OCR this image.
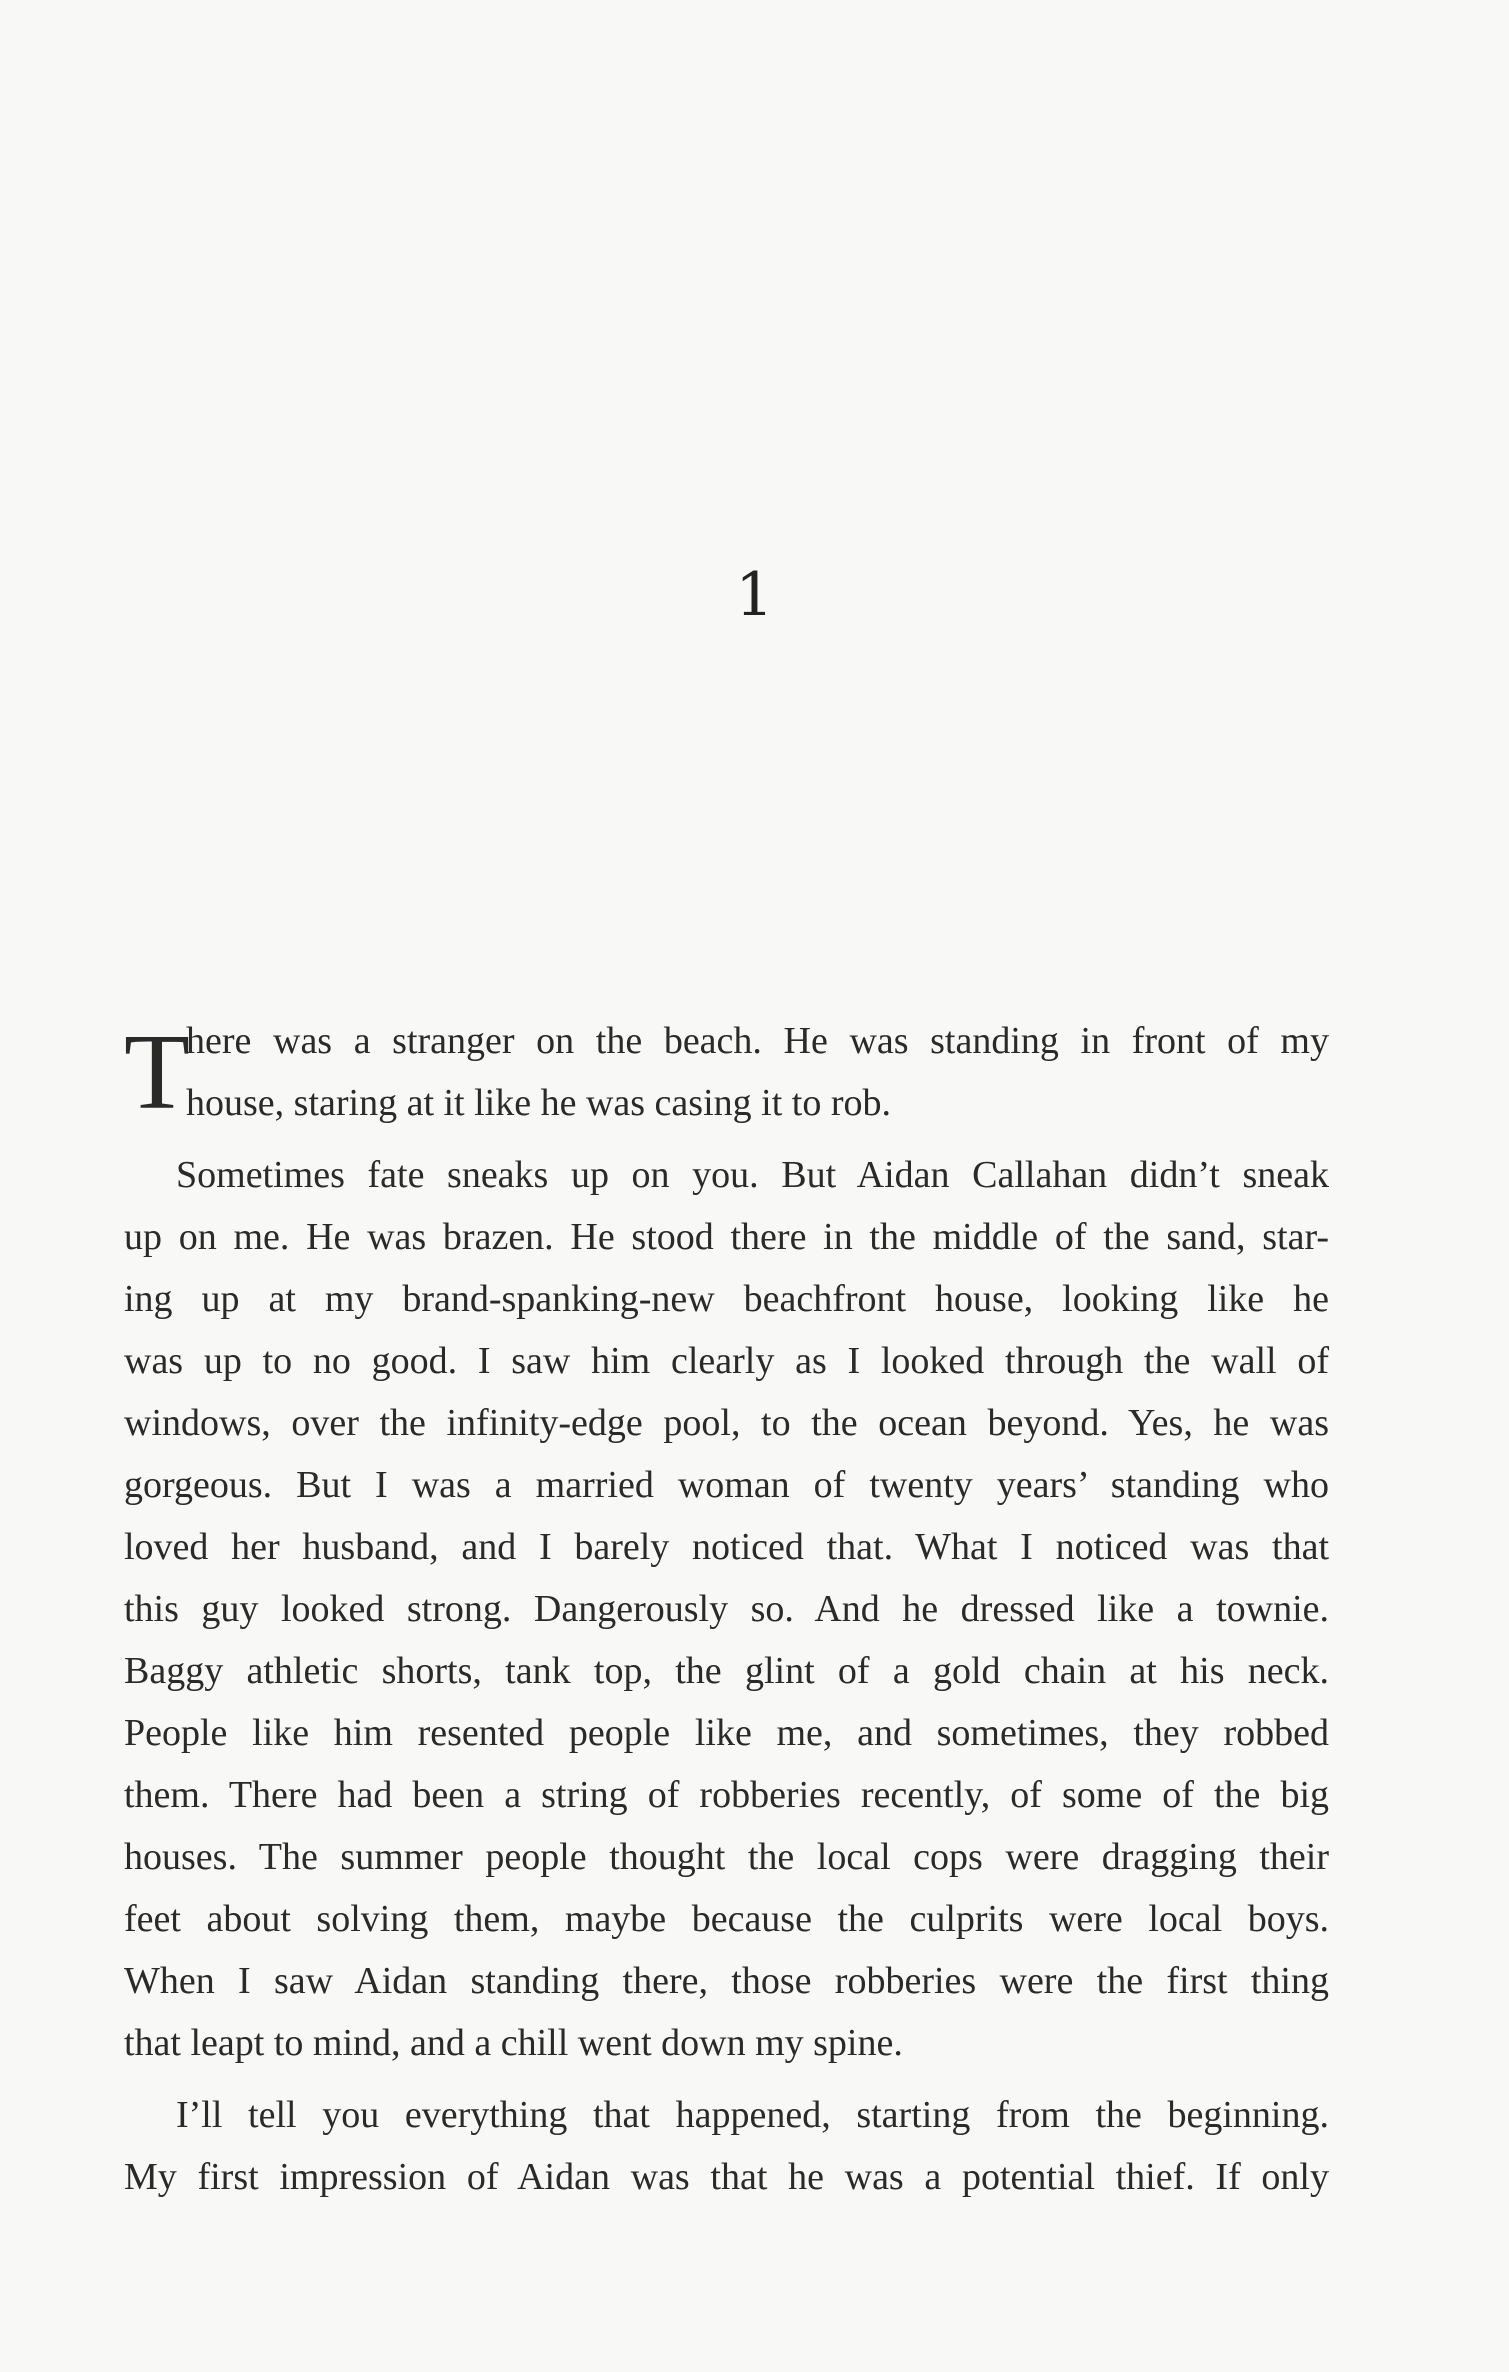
1
T
here was a stranger on the beach. He was standing in front of my
house, staring at it like he was casing it to rob.
Sometimes fate sneaks up on you. But Aidan Callahan didn’t sneak
up on me. He was brazen. He stood there in the middle of the sand, star-
ing up at my brand-spanking-new beachfront house, looking like he
was up to no good. I saw him clearly as I looked through the wall of
windows, over the infinity-edge pool, to the ocean beyond. Yes, he was
gorgeous. But I was a married woman of twenty years’ standing who
loved her husband, and I barely noticed that. What I noticed was that
this guy looked strong. Dangerously so. And he dressed like a townie.
Baggy athletic shorts, tank top, the glint of a gold chain at his neck.
People like him resented people like me, and sometimes, they robbed
them. There had been a string of robberies recently, of some of the big
houses. The summer people thought the local cops were dragging their
feet about solving them, maybe because the culprits were local boys.
When I saw Aidan standing there, those robberies were the first thing
that leapt to mind, and a chill went down my spine.
I’ll tell you everything that happened, starting from the beginning.
My first impression of Aidan was that he was a potential thief. If only
